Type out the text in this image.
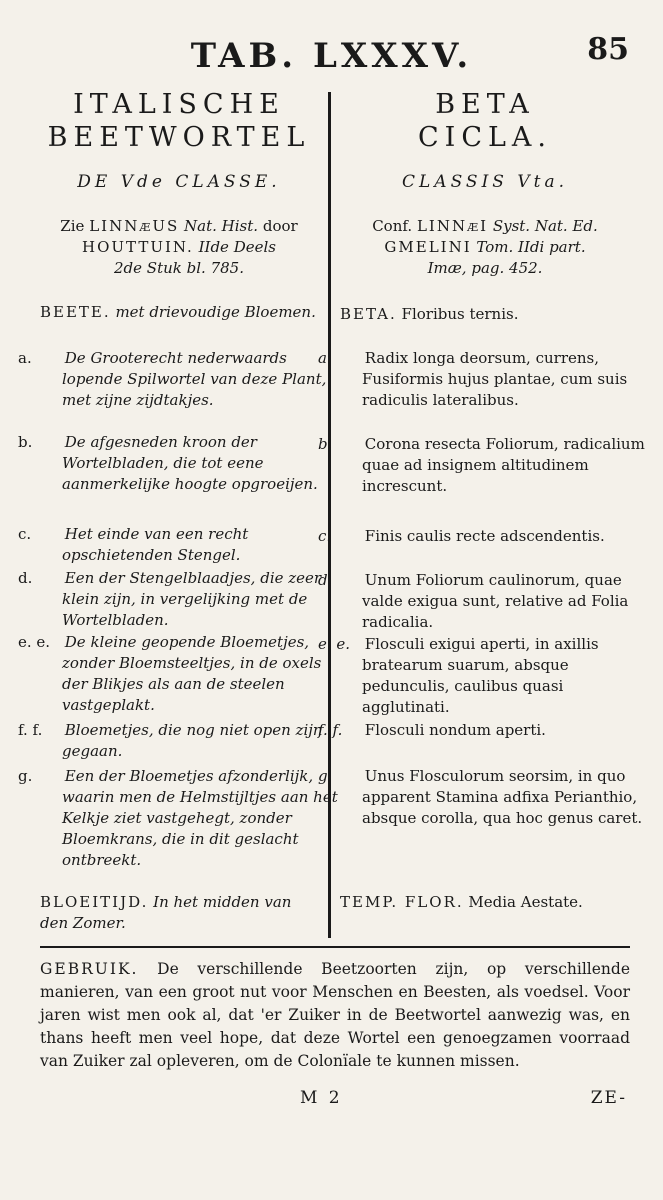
TAB. LXXXV.	85

ITALISCHE

BEETWORTEL

DE Vde CLASSE.
Zie LINNæUS Nat. Hist. door
HOUTTUIN. IIde Deels
2de Stuk bl. 785.
BEETE. met drievoudige Bloemen.
a. De Grooterecht nederwaards lopende Spilwortel van deze Plant, met zijne zijdtakjes.
b. De afgesneden kroon der Wortelbladen, die tot eene aanmerkelijke hoogte opgroeijen.
c. Het einde van een recht opschietenden Stengel.
d. Een der Stengelblaadjes, die zeer klein zijn, in vergelijking met de Wortelbladen.
e. e. De kleine geopende Bloemetjes, zonder Bloemsteeltjes, in de oxels der Blikjes als aan de steelen vastgeplakt.
f. f. Bloemetjes, die nog niet open zijn gegaan.
g. Een der Bloemetjes afzonderlijk, waarin men de Helmstijltjes aan het Kelkje ziet vastgehegt, zonder Bloemkrans, die in dit geslacht ontbreekt.
BLOEITIJD. In het midden van den Zomer.

BETA

CICLA.

CLASSIS Vta.
Conf. LINNæI Syst. Nat. Ed.
GMELINI Tom. IIdi part.
Imæ, pag. 452.
BETA. Floribus ternis.
a. Radix longa deorsum, currens, Fusiformis hujus plantae, cum suis radiculis lateralibus.
b. Corona resecta Foliorum, radicalium quae ad insignem altitudinem increscunt.
c. Finis caulis recte adscendentis.
d. Unum Foliorum caulinorum, quae valde exigua sunt, relative ad Folia radicalia.
e. e. Flosculi exigui aperti, in axillis bratearum suarum, absque pedunculis, caulibus quasi agglutinati.
f. f. Flosculi nondum aperti.
g. Unus Flosculorum seorsim, in quo apparent Stamina adfixa Perianthio, absque corolla, qua hoc genus caret.
TEMP. FLOR. Media Aestate.
GEBRUIK. De verschillende Beetzoorten zijn, op verschillende manieren, van een groot nut voor Menschen en Beesten, als voedsel. Voor jaren wist men ook al, dat 'er Zuiker in de Beetwortel aanwezig was, en thans heeft men veel hope, dat deze Wortel een genoegzamen voorraad van Zuiker zal opleveren, om de Colonïale te kunnen missen.
M 2	ZE-
